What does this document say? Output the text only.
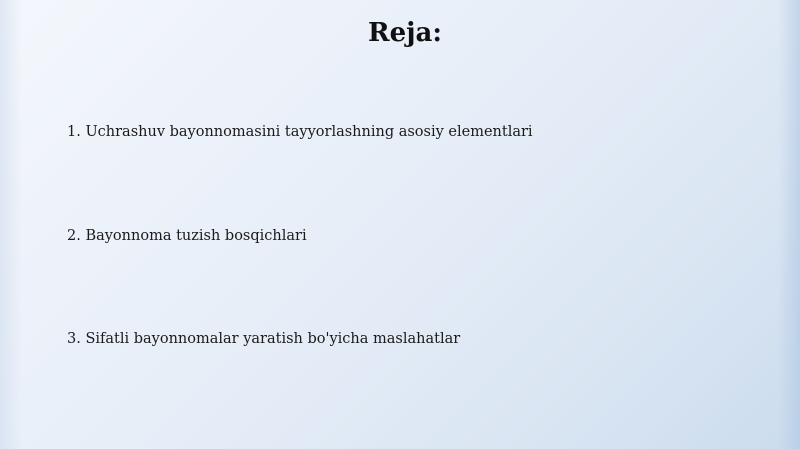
Reja:
1. Uchrashuv bayonnomasini tayyorlashning asosiy elementlari
2. Bayonnoma tuzish bosqichlari
3. Sifatli bayonnomalar yaratish bo'yicha maslahatlar
